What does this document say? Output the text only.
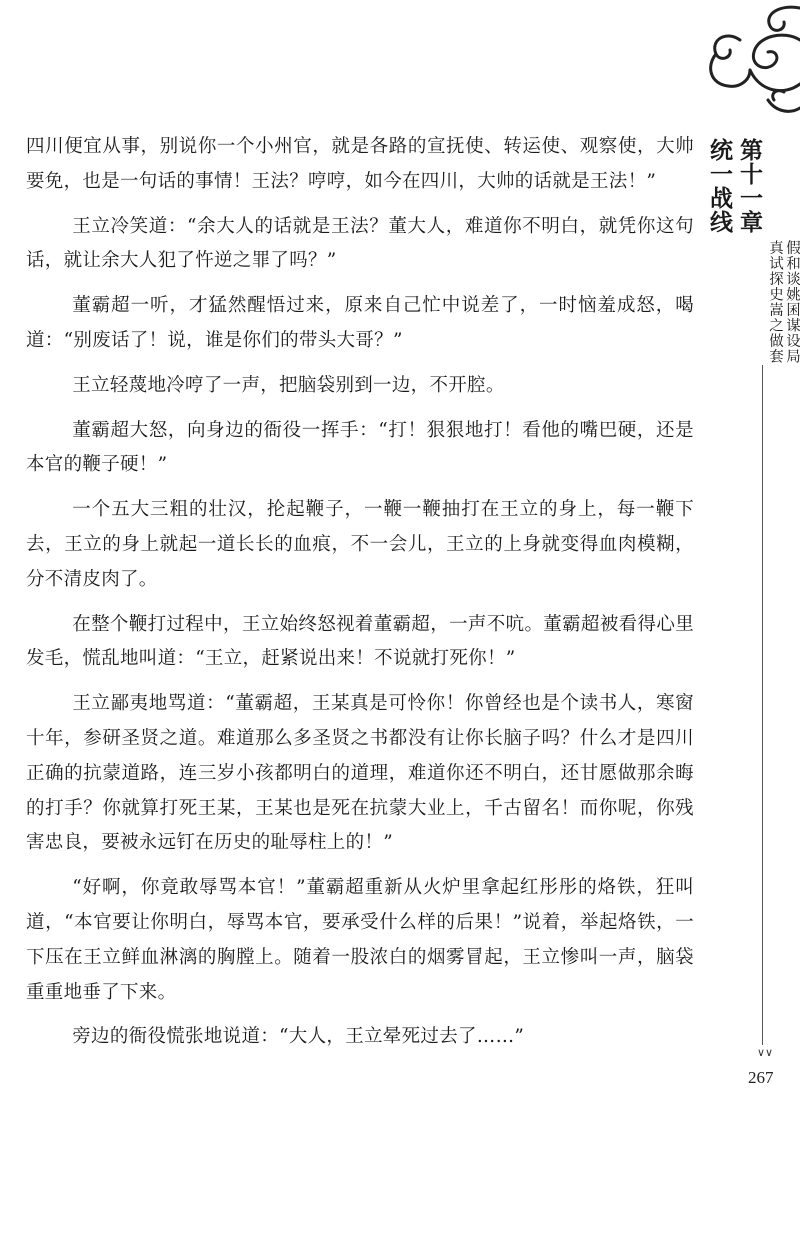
四川便宜从事，别说你一个小州官，就是各路的宣抚使、转运使、观察使，大帅要免，也是一句话的事情！王法？哼哼，如今在四川，大帅的话就是王法！”

王立冷笑道：“余大人的话就是王法？董大人，难道你不明白，就凭你这句话，就让余大人犯了忤逆之罪了吗？”

董霸超一听，才猛然醒悟过来，原来自己忙中说差了，一时恼羞成怒，喝道：“别废话了！说，谁是你们的带头大哥？”

王立轻蔑地冷哼了一声，把脑袋别到一边，不开腔。

董霸超大怒，向身边的衙役一挥手：“打！狠狠地打！看他的嘴巴硬，还是本官的鞭子硬！”

一个五大三粗的壮汉，抡起鞭子，一鞭一鞭抽打在王立的身上，每一鞭下去，王立的身上就起一道长长的血痕，不一会儿，王立的上身就变得血肉模糊，分不清皮肉了。

在整个鞭打过程中，王立始终怒视着董霸超，一声不吭。董霸超被看得心里发毛，慌乱地叫道：“王立，赶紧说出来！不说就打死你！”

王立鄙夷地骂道：“董霸超，王某真是可怜你！你曾经也是个读书人，寒窗十年，参研圣贤之道。难道那么多圣贤之书都没有让你长脑子吗？什么才是四川正确的抗蒙道路，连三岁小孩都明白的道理，难道你还不明白，还甘愿做那余晦的打手？你就算打死王某，王某也是死在抗蒙大业上，千古留名！而你呢，你残害忠良，要被永远钉在历史的耻辱柱上的！”

“好啊，你竟敢辱骂本官！”董霸超重新从火炉里拿起红彤彤的烙铁，狂叫道，“本官要让你明白，辱骂本官，要承受什么样的后果！”说着，举起烙铁，一下压在王立鲜血淋漓的胸膛上。随着一股浓白的烟雾冒起，王立惨叫一声，脑袋重重地垂了下来。

旁边的衙役慌张地说道：“大人，王立晕死过去了……”

第十一章
统一战线
假和谈姚囷谋设局
真试探史嵩之做套
∨∨
267
